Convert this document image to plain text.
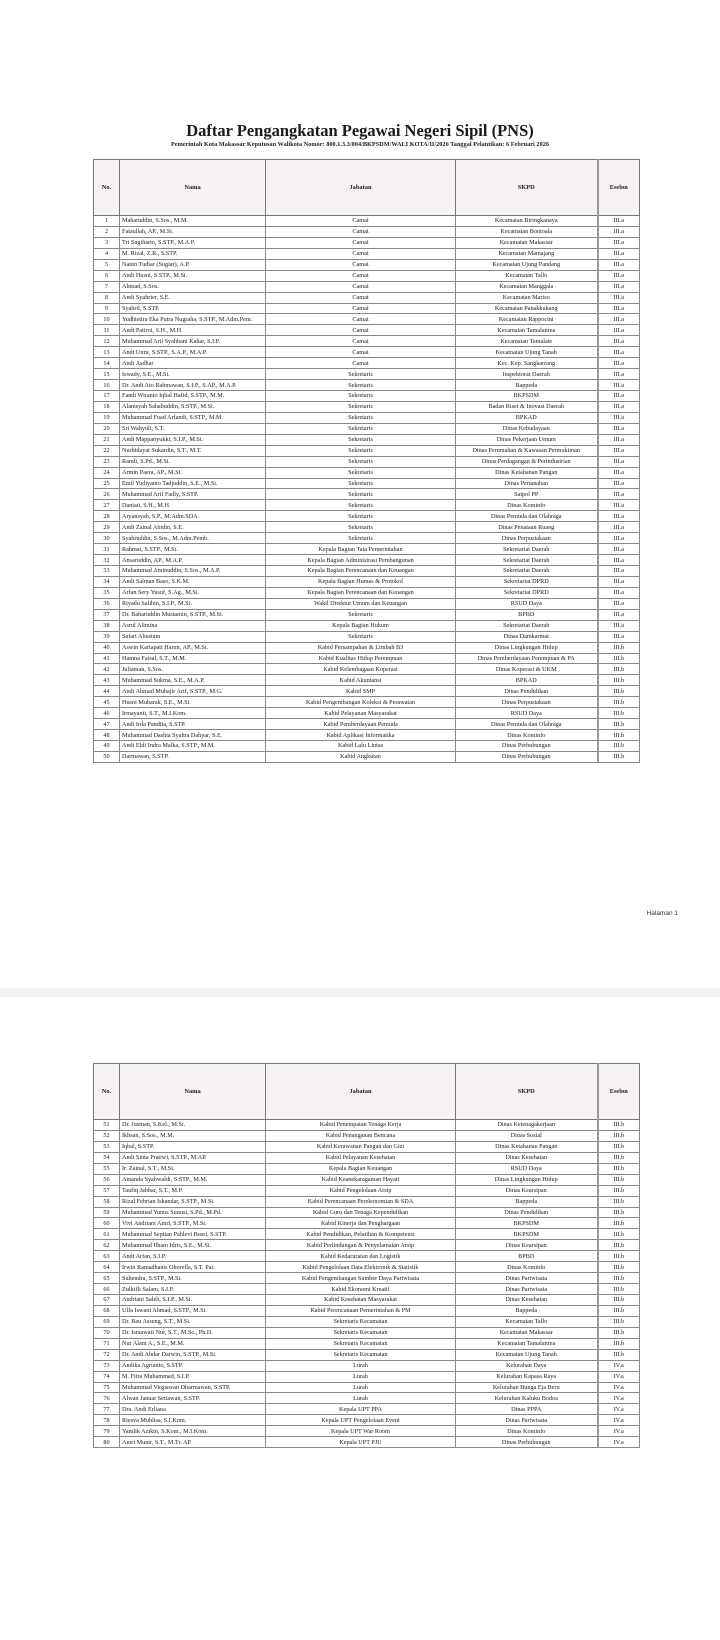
Daftar Pengangkatan Pegawai Negeri Sipil (PNS)
Pemerintah Kota Makassar Keputusan Walikota Nomor: 800.1.3.3/004/BKPSDM/WALI KOTA/II/2026 Tanggal Pelantikan: 6 Februari 2026
No.	Nama	Jabatan	SKPD	Eselon
1	Maharuddin, S.Sos., M.M.	Camat	Kecamatan Biringkanaya	III.a
2	Fataullah, AP., M.Si.	Camat	Kecamatan Bontoala	III.a
3	Tri Sugiharto, S.STP., M.A.P.	Camat	Kecamatan Makassar	III.a
4	M. Rizal, Z.R., S.STP.	Camat	Kecamatan Mamajang	III.a
5	Nanin Tudiar (Sugiar), A.P.	Camat	Kecamatan Ujung Pandang	III.a
6	Andi Husni, S.STP., M.Si.	Camat	Kecamatan Tallo	III.a
7	Ahmad, S.Sos.	Camat	Kecamatan Manggala	III.a
8	Andi Syahrier, S.E.	Camat	Kecamatan Mariso	III.a
9	Syahril, S.STP.	Camat	Kecamatan Panakkukang	III.a
10	Yudhistira Eka Putra Nugraha, S.STP., M.Adm.Pem.	Camat	Kecamatan Rappocini	III.a
11	Andi Patiroi, S.H., M.H.	Camat	Kecamatan Tamalanrea	III.a
12	Muhammad Aril Syahbani Kahar, S.I.P.	Camat	Kecamatan Tamalate	III.a
13	Andi Unru, S.STP., S.A.P., M.A.P.	Camat	Kecamatan Ujung Tanah	III.a
14	Andi Asdhar	Camat	Kec. Kep. Sangkarrang	III.a
15	Iswady, S.E., M.Si.	Sekretaris	Inspektorat Daerah	III.a
16	Dr. Andi Ato Rahmawan, S.I.P., S.AP., M.A.P.	Sekretaris	Bappeda	III.a
17	Fandi Wiranto Iqbal Hafid, S.STP., M.M.	Sekretaris	BKPSDM	III.a
18	Alamsyah Sahabuddin, S.STP., M.Si.	Sekretaris	Badan Riset & Inovasi Daerah	III.a
19	Muhammad Fuad Arfandi, S.STP., M.M.	Sekretaris	BPKAD	III.a
20	Sri Wahyuli, S.T.	Sekretaris	Dinas Kebudayaan	III.a
21	Andi Mappanyukki, S.I.P., M.Si.	Sekretaris	Dinas Pekerjaan Umum	III.a
22	Nurhidayat Sukardin, S.T., M.T.	Sekretaris	Dinas Perumahan & Kawasan Permukiman	III.a
23	Ramli, S.Pd., M.Si.	Sekretaris	Dinas Perdagangan & Perindustrian	III.a
24	Armin Paera, AP., M.Si.	Sekretaris	Dinas Ketahanan Pangan	III.a
25	Emil Yudiyanto Tadjuddin, S.E., M.Si.	Sekretaris	Dinas Pertanahan	III.a
26	Muhammad Arif Fadly, S.STP.	Sekretaris	Satpol PP	III.a
27	Daniati, S.H., M.H.	Sekretaris	Dinas Kominfo	III.a
28	Aryansyah, S.P., M.Adm.SDA.	Sekretaris	Dinas Pemuda dan Olahraga	III.a
29	Andi Zainal Abidin, S.E.	Sekretaris	Dinas Penataan Ruang	III.a
30	Syahruddin, S.Sos., M.Adm.Pemb.	Sekretaris	Dinas Perpustakaan	III.a
31	Rahmat, S.STP., M.Si.	Kepala Bagian Tata Pemerintahan	Sekretariat Daerah	III.a
32	Ansaruddin, AP., M.A.P.	Kepala Bagian Administrasi Pembangunan	Sekretariat Daerah	III.a
33	Muhammad Aminuddin, S.Sos., M.A.P.	Kepala Bagian Perencanaan dan Keuangan	Sekretariat Daerah	III.a
34	Andi Salman Baso, S.K.M.	Kepala Bagian Humas & Protokol	Sekretariat DPRD	III.a
35	Arfan Sery Yusuf, S.Ag., M.Si.	Kepala Bagian Perencanaan dan Keuangan	Sekretariat DPRD	III.a
36	Riyadu Salihin, S.I.P., M.Si.	Wakil Direktur Umum dan Keuangan	RSUD Daya	III.a
37	Dr. Baharuddin Mustamin, S.STP., M.Si.	Sekretaris	BPBD	III.a
38	Asrul Alimina	Kepala Bagian Hukum	Sekretariat Daerah	III.a
39	Safari Abustam	Sekretaris	Dinas Damkarmat	III.a
40	Aswin Kartapati Harun, AP., M.Si.	Kabid Persampahan & Limbah B3	Dinas Lingkungan Hidup	III.b
41	Hamna Faisal, S.T., M.M.	Kabid Kualitas Hidup Perempuan	Dinas Pemberdayaan Perempuan & PA	III.b
42	Juliaman, S.Sos.	Kabid Kelembagaan Koperasi	Dinas Koperasi & UKM	III.b
43	Muhammad Sukma, S.E., M.A.P.	Kabid Akuntansi	BPKAD	III.b
44	Andi Ahmad Muhajir Arif, S.STP., M.G.	Kabid SMP	Dinas Pendidikan	III.b
45	Husni Mubarak, S.E., M.Si.	Kabid Pengembangan Koleksi & Perawatan	Dinas Perpustakaan	III.b
46	Irmayanti, S.T., M.I.Kom.	Kabid Pelayanan Masyarakat	RSUD Daya	III.b
47	Andi Irda Pandita, S.STP.	Kabid Pemberdayaan Pemuda	Dinas Pemuda dan Olahraga	III.b
48	Muhammad Dashia Syahra Dahyar, S.E.	Kabid Aplikasi Informatika	Dinas Kominfo	III.b
49	Andi Eldi Indra Malka, S.STP., M.M.	Kabid Lalu Lintas	Dinas Perhubungan	III.b
50	Darmawan, S.STP.	Kabid Angkutan	Dinas Perhubungan	III.b
Halaman 1
No.	Nama	Jabatan	SKPD	Eselon
51	Dr. Jusman, S.Kel., M.Si.	Kabid Penempatan Tenaga Kerja	Dinas Ketenagakerjaan	III.b
52	Ikhsan, S.Sos., M.M.	Kabid Penanganan Bencana	Dinas Sosial	III.b
53	Iqbal, S.STP.	Kabid Kerawanan Pangan dan Gizi	Dinas Ketahanan Pangan	III.b
54	Andi Sinta Pratiwi, S.STP., M.AP.	Kabid Pelayanan Kesehatan	Dinas Kesehatan	III.b
55	Ir. Zainal, S.T., M.Si.	Kepala Bagian Keuangan	RSUD Daya	III.b
56	Amanda Syahwaldi, S.STP., M.M.	Kabid Keanekaragaman Hayati	Dinas Lingkungan Hidup	III.b
57	Taufiq Jabbar, S.T., M.P.	Kabid Pengelolaan Arsip	Dinas Kearsipan	III.b
58	Rizal Febrian Iskandar, S.STP., M.Si.	Kabid Perencanaan Perekonomian & SDA	Bappeda	III.b
59	Muhammad Yunus Sunusi, S.Pd., M.Pd.	Kabid Guru dan Tenaga Kependidikan	Dinas Pendidikan	III.b
60	Vivi Andriani Amri, S.STP., M.Si.	Kabid Kinerja dan Penghargaan	BKPSDM	III.b
61	Muhammad Septian Pahlevi Busri, S.STP.	Kabid Pendidikan, Pelatihan & Kompetensi	BKPSDM	III.b
62	Muhammad Ilham Idris, S.E., M.Si.	Kabid Perlindungan & Penyelamatan Arsip	Dinas Kearsipan	III.b
63	Andi Arfan, S.I.P.	Kabid Kedaruratan dan Logistik	BPBD	III.b
64	Irwin Ramadhanis Ohorella, S.T. Par.	Kabid Pengelolaan Data Elektronik & Statistik	Dinas Kominfo	III.b
65	Suhendra, S.STP., M.Si.	Kabid Pengembangan Sumber Daya Pariwisata	Dinas Pariwisata	III.b
66	Zulkifli Salam, S.I.P.	Kabid Ekonomi Kreatif	Dinas Pariwisata	III.b
67	Andriani Saleh, S.I.P., M.Si.	Kabid Kesehatan Masyarakat	Dinas Kesehatan	III.b
68	Ulfa Iswani Ahmad, S.STP., M.Si.	Kabid Perencanaan Pemerintahan & PM	Bappeda	III.b
69	Dr. Bau Asseng, S.T., M.Si.	Sekretaris Kecamatan	Kecamatan Tallo	III.b
70	Dr. Ismawati Nur, S.T., M.Sc., Ph.D.	Sekretaris Kecamatan	Kecamatan Makassar	III.b
71	Nur Alam A., S.E., M.M.	Sekretaris Kecamatan	Kecamatan Tamalanrea	III.b
72	Dr. Andi Abdar Darwin, S.STP., M.Si.	Sekretaris Kecamatan	Kecamatan Ujung Tanah	III.b
73	Andika Agrianto, S.STP.	Lurah	Kelurahan Daya	IV.a
74	M. Fitra Muhammad, S.I.P.	Lurah	Kelurahan Kapasa Raya	IV.a
75	Muhammad Virgiawan Dharmawan, S.STP.	Lurah	Kelurahan Bunga Eja Beru	IV.a
76	Alwan Januar Setiawan, S.STP.	Lurah	Kelurahan Kaluku Bodoa	IV.a
77	Dra. Andi Erliana	Kepala UPT PPA	Dinas PPPA	IV.a
78	Riesva Muhlisa, S.I.Kom.	Kepala UPT Pengelolaan Event	Dinas Pariwisata	IV.a
79	Yamlik Azikin, S.Kom., M.I.Kom.	Kepala UPT War Room	Dinas Kominfo	IV.a
80	Amri Munir, S.T., M.Tr. AP.	Kepala UPT PJU	Dinas Perhubungan	IV.a
